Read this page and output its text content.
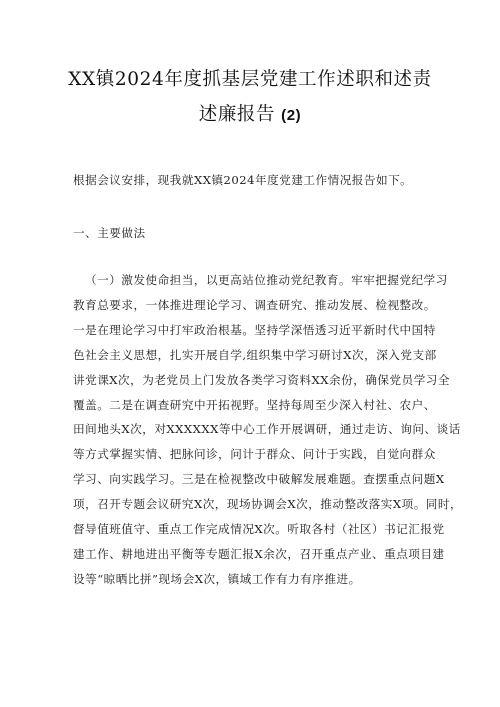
XX镇2024年度抓基层党建工作述职和述责
述廉报告 (2)
根据会议安排，现我就XX镇2024年度党建工作情况报告如下。
一、主要做法
（一）激发使命担当，以更高站位推动党纪教育。牢牢把握党纪学习
教育总要求，一体推进理论学习、调查研究、推动发展、检视整改。
一是在理论学习中打牢政治根基。坚持学深悟透习近平新时代中国特
色社会主义思想，扎实开展自学,组织集中学习研讨X次，深入党支部
讲党课X次，为老党员上门发放各类学习资料XX余份，确保党员学习全
覆盖。二是在调查研究中开拓视野。坚持每周至少深入村社、农户、
田间地头X次，对XXXXXX等中心工作开展调研，通过走访、询问、谈话
等方式掌握实情、把脉问诊，问计于群众、问计于实践，自觉向群众
学习、向实践学习。三是在检视整改中破解发展难题。查摆重点问题X
项，召开专题会议研究X次，现场协调会X次，推动整改落实X项。同时，
督导值班值守、重点工作完成情况X次。听取各村（社区）书记汇报党
建工作、耕地进出平衡等专题汇报X余次，召开重点产业、重点项目建
设等“晾晒比拼”现场会X次，镇域工作有力有序推进。
